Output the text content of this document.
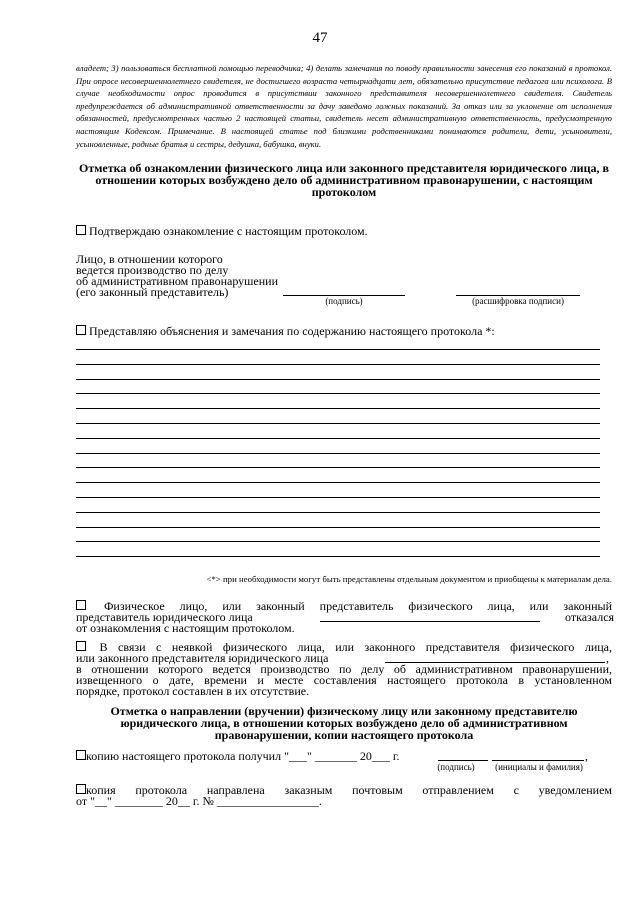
47
владеет; 3) пользоваться бесплатной помощью переводчика; 4) делать замечания по поводу правильности занесения его показаний в протокол. При опросе несовершеннолетнего свидетеля, не достигшего возраста четырнадцати лет, обязательно присутствие педагога или психолога. В случае необходимости опрос проводится в присутствии законного представителя несовершеннолетнего свидетеля. Свидетель предупреждается об административной ответственности за дачу заведомо ложных показаний. За отказ или за уклонение от исполнения обязанностей, предусмотренных частью 2 настоящей статьи, свидетель несет административную ответственность, предусмотренную настоящим Кодексом. Примечание. В настоящей статье под близкими родственниками понимаются родители, дети, усыновители, усыновленные, родные братья и сестры, дедушка, бабушка, внуки.
Отметка об ознакомлении физического лица или законного представителя юридического лица, в отношении которых возбуждено дело об административном правонарушении, с настоящим протоколом
Подтверждаю ознакомление с настоящим протоколом.
Лицо, в отношении которого
ведется производство по делу
об административном правонарушении
(его законный представитель)
(подпись)	(расшифровка подписи)
Представляю объяснения и замечания по содержанию настоящего протокола *:
<*> при необходимости могут быть представлены отдельным документом и приобщены к материалам дела.
Физическое лицо, или законный представитель физического лица, или законный
представитель юридического лица	отказался
от ознакомления с настоящим протоколом.
В связи с неявкой физического лица, или законного представителя физического лица,
или законного представителя юридического лица	,
в отношении которого ведется производство по делу об административном правонарушении,
извещенного о дате, времени и месте составления настоящего протокола в установленном
порядке, протокол составлен в их отсутствие.
Отметка о направлении (вручении) физическому лицу или законному представителю юридического лица, в отношении которых возбуждено дело об административном правонарушении, копии настоящего протокола
копию настоящего протокола получил "___" _______ 20___ г.	,
(подпись)	(инициалы и фамилия)
копия протокола направлена заказным почтовым отправлением с уведомлением
от "__" ________ 20__ г. № _________________.
